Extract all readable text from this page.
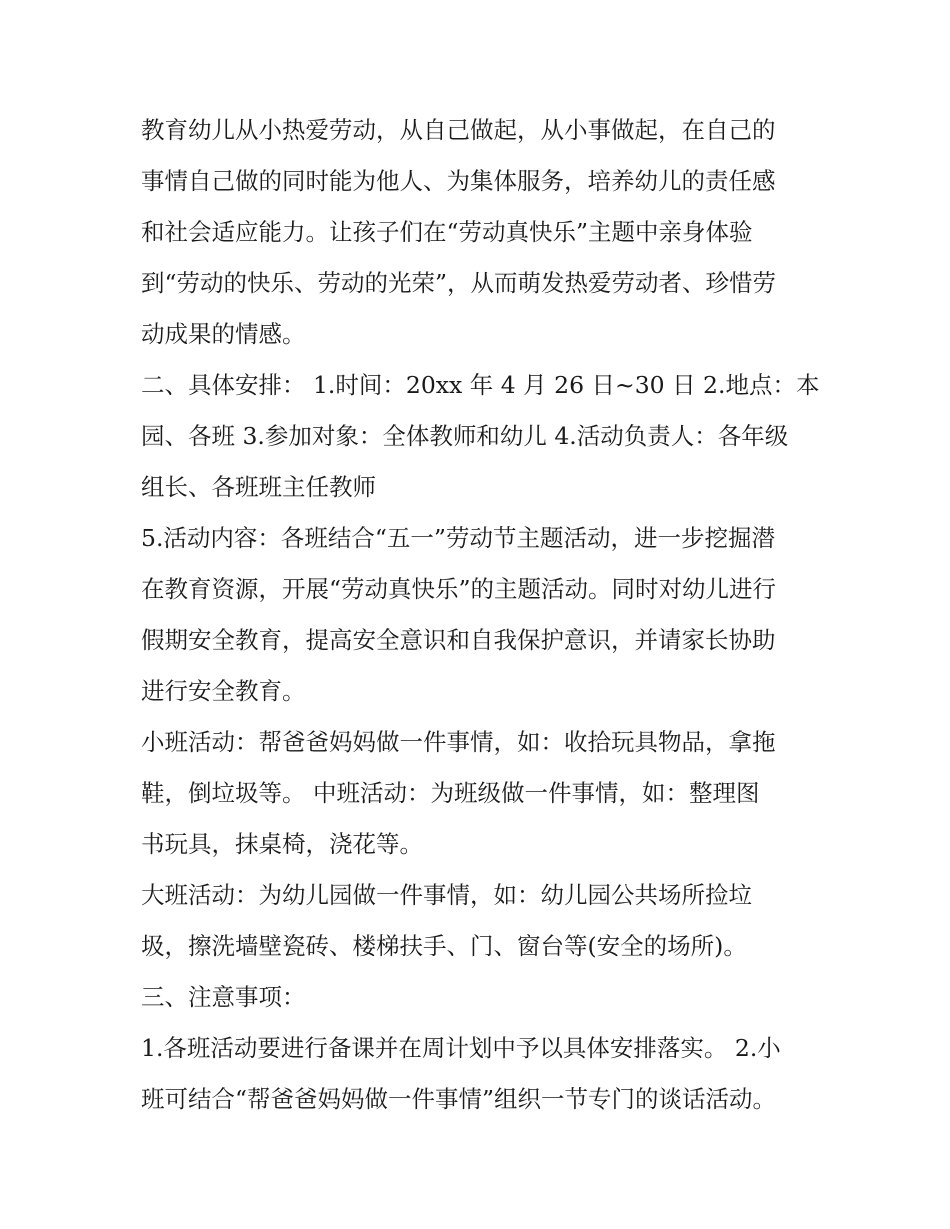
教育幼儿从小热爱劳动，从自己做起，从小事做起，在自己的
事情自己做的同时能为他人、为集体服务，培养幼儿的责任感
和社会适应能力。让孩子们在“劳动真快乐”主题中亲身体验
到“劳动的快乐、劳动的光荣”，从而萌发热爱劳动者、珍惜劳
动成果的情感。
二、具体安排： 1.时间：20xx 年 4 月 26 日~30 日 2.地点：本
园、各班 3.参加对象：全体教师和幼儿 4.活动负责人：各年级
组长、各班班主任教师
5.活动内容：各班结合“五一”劳动节主题活动，进一步挖掘潜
在教育资源，开展“劳动真快乐”的主题活动。同时对幼儿进行
假期安全教育，提高安全意识和自我保护意识，并请家长协助
进行安全教育。
小班活动：帮爸爸妈妈做一件事情，如：收拾玩具物品，拿拖
鞋，倒垃圾等。 中班活动：为班级做一件事情，如：整理图
书玩具，抹桌椅，浇花等。
大班活动：为幼儿园做一件事情，如：幼儿园公共场所捡垃
圾，擦洗墙壁瓷砖、楼梯扶手、门、窗台等(安全的场所)。
三、注意事项：
1.各班活动要进行备课并在周计划中予以具体安排落实。 2.小
班可结合“帮爸爸妈妈做一件事情”组织一节专门的谈话活动。
